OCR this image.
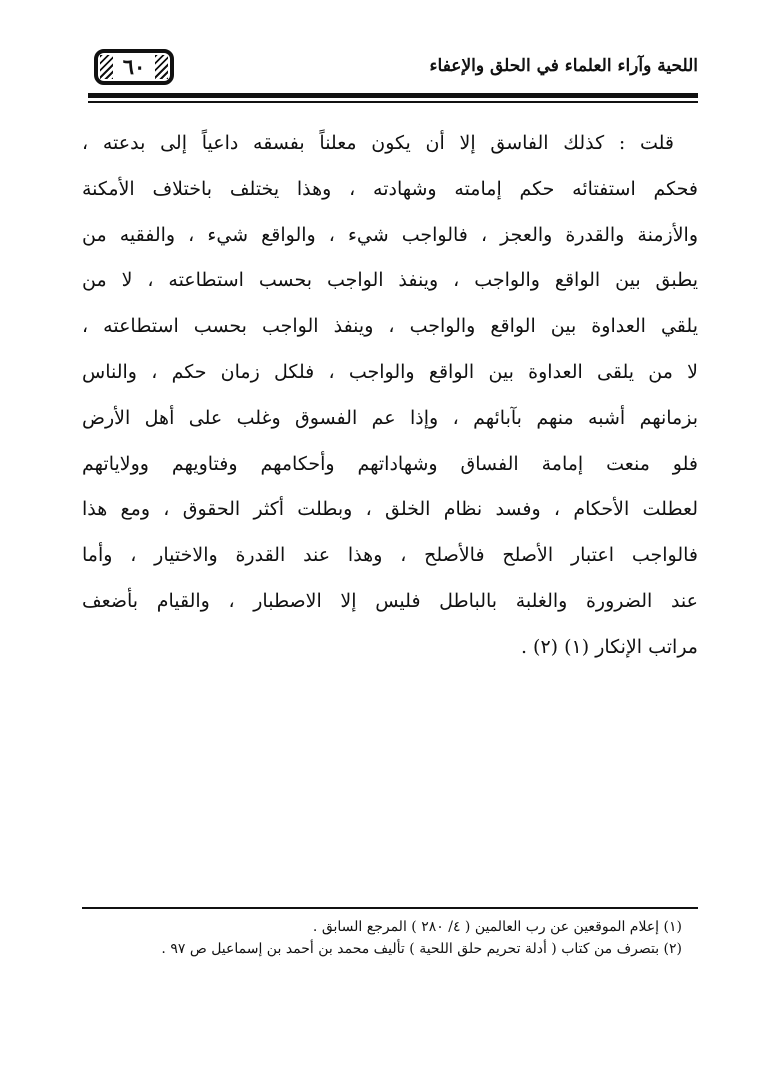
٦٠	اللحية وآراء العلماء في الحلق والإعفاء
قلت : كذلك الفاسق إلا أن يكون معلناً بفسقه داعياً إلى بدعته ،
فحكم استفتائه حكم إمامته وشهادته ، وهذا يختلف باختلاف الأمكنة
والأزمنة والقدرة والعجز ، فالواجب شيء ، والواقع شيء ، والفقيه من
يطبق بين الواقع والواجب ، وينفذ الواجب بحسب استطاعته ، لا من
يلقي العداوة بين الواقع والواجب ، وينفذ الواجب بحسب استطاعته ،
لا من يلقى العداوة بين الواقع والواجب ، فلكل زمان حكم ، والناس
بزمانهم أشبه منهم بآبائهم ، وإذا عم الفسوق وغلب على أهل الأرض
فلو منعت إمامة الفساق وشهاداتهم وأحكامهم وفتاويهم وولاياتهم
لعطلت الأحكام ، وفسد نظام الخلق ، وبطلت أكثر الحقوق ، ومع هذا
فالواجب اعتبار الأصلح فالأصلح ، وهذا عند القدرة والاختيار ، وأما
عند الضرورة والغلبة بالباطل فليس إلا الاصطبار ، والقيام بأضعف
مراتب الإنكار (١) (٢) .
(١) إعلام الموقعين عن رب العالمين ( ٤/ ٢٨٠ ) المرجع السابق .
(٢) بتصرف من كتاب ( أدلة تحريم حلق اللحية ) تأليف محمد بن أحمد بن إسماعيل ص ٩٧ .
